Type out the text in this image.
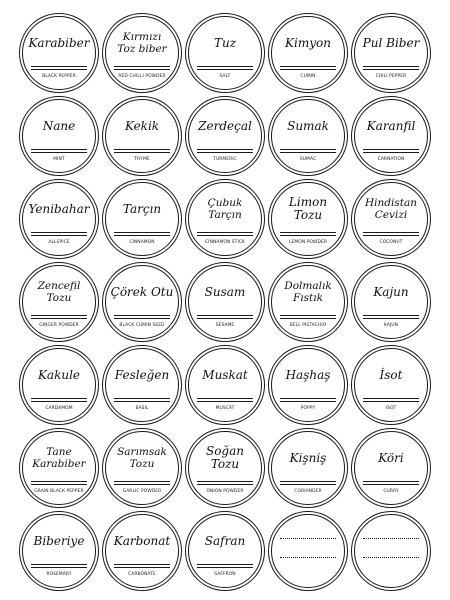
Karabiber
BLACK PEPPER
Kırmızı
Toz biber
RED CHILLI POWDER
Tuz
SALT
Kimyon
CUMIN
Pul Biber
CHILI PEPPER
Nane
MINT
Kekik
THYME
Zerdeçal
TURMERIC
Sumak
SUMAC
Karanfil
CARNATION
Yenibahar
ALLSPICE
Tarçın
CINNAMON
Çubuk Tarçın
CINNAMON STICK
Limon Tozu
LEMON POWDER
Hindistan
Cevizi
COCONUT
Zencefil Tozu
GINGER POWDER
Çörek Otu
BLACK CUMIN SEED
Susam
SESAME
Dolmalık
Fıstık
BELL PISTACHIO
Kajun
KAJUN
Kakule
CARDAMOM
Fesleğen
BASIL
Muskat
MUSCAT
Haşhaş
POPPY
İsot
ISOT
Tane
Karabiber
GRAIN BLACK PEPPER
Sarımsak
Tozu
GARLIC POWDER
Soğan Tozu
ONION POWDER
Kişniş
CORIANDER
Köri
CURRY
Biberiye
ROSEMARY
Karbonat
CARBONATE
Safran
SAFFRON
